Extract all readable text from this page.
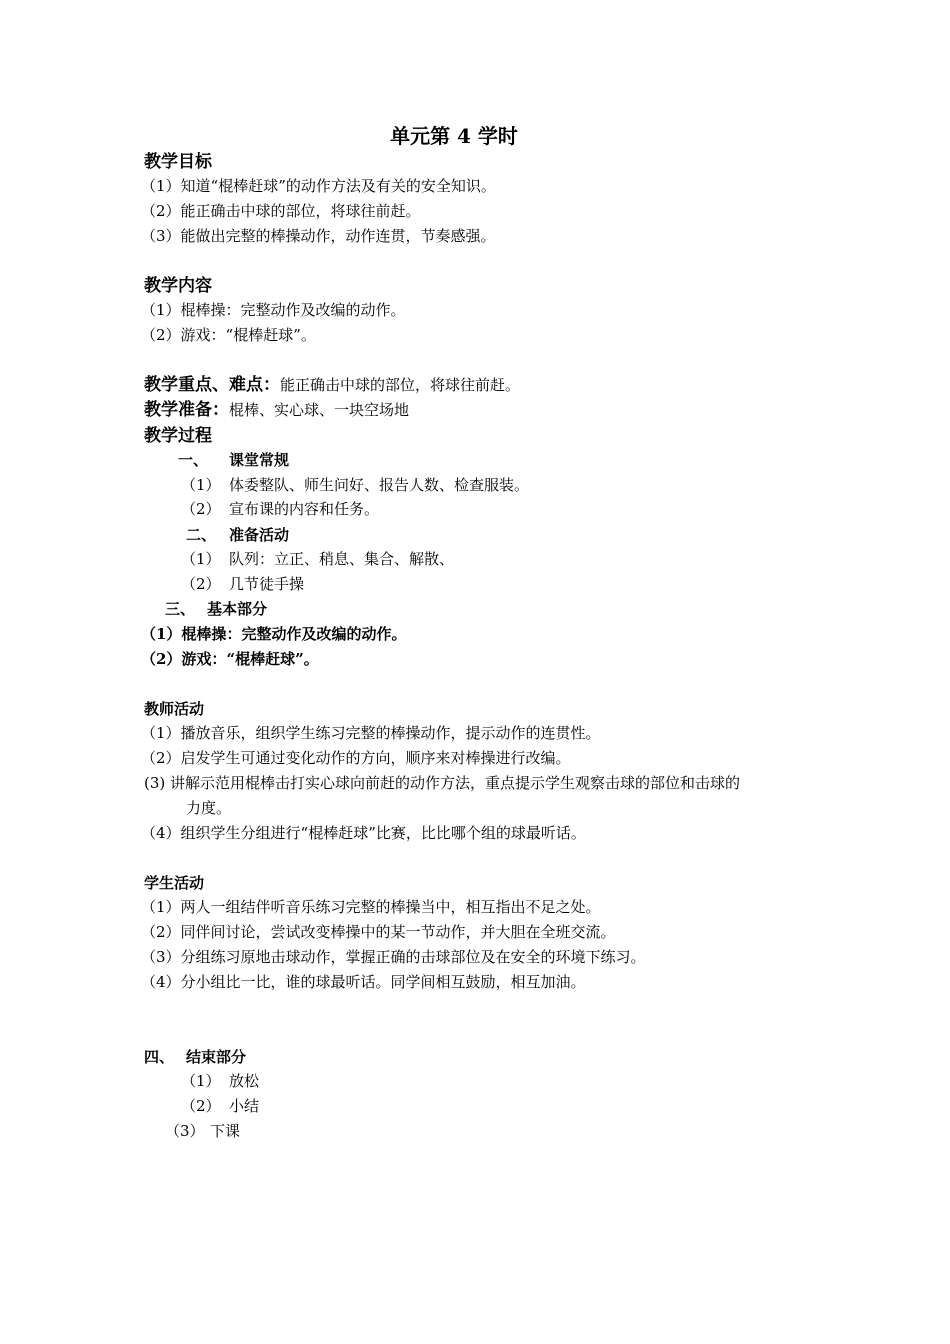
单元第 4 学时
教学目标
（1）知道“棍棒赶球”的动作方法及有关的安全知识。
（2）能正确击中球的部位，将球往前赶。
（3）能做出完整的棒操动作，动作连贯，节奏感强。
教学内容
（1）棍棒操：完整动作及改编的动作。
（2）游戏：“棍棒赶球”。
教学重点、难点：能正确击中球的部位，将球往前赶。
教学准备：棍棒、实心球、一块空场地
教学过程
一、 课堂常规
（1） 体委整队、师生问好、报告人数、检查服装。
（2） 宣布课的内容和任务。
二、 准备活动
（1） 队列：立正、稍息、集合、解散、
（2） 几节徒手操
三、 基本部分
（1）棍棒操：完整动作及改编的动作。
（2）游戏：“棍棒赶球”。
教师活动
（1）播放音乐，组织学生练习完整的棒操动作，提示动作的连贯性。
（2）启发学生可通过变化动作的方向，顺序来对棒操进行改编。
(3) 讲解示范用棍棒击打实心球向前赶的动作方法，重点提示学生观察击球的部位和击球的
力度。
（4）组织学生分组进行“棍棒赶球”比赛，比比哪个组的球最听话。
学生活动
（1）两人一组结伴听音乐练习完整的棒操当中，相互指出不足之处。
（2）同伴间讨论，尝试改变棒操中的某一节动作，并大胆在全班交流。
（3）分组练习原地击球动作，掌握正确的击球部位及在安全的环境下练习。
（4）分小组比一比，谁的球最听话。同学间相互鼓励，相互加油。
四、 结束部分
（1） 放松
（2） 小结
（3） 下课
